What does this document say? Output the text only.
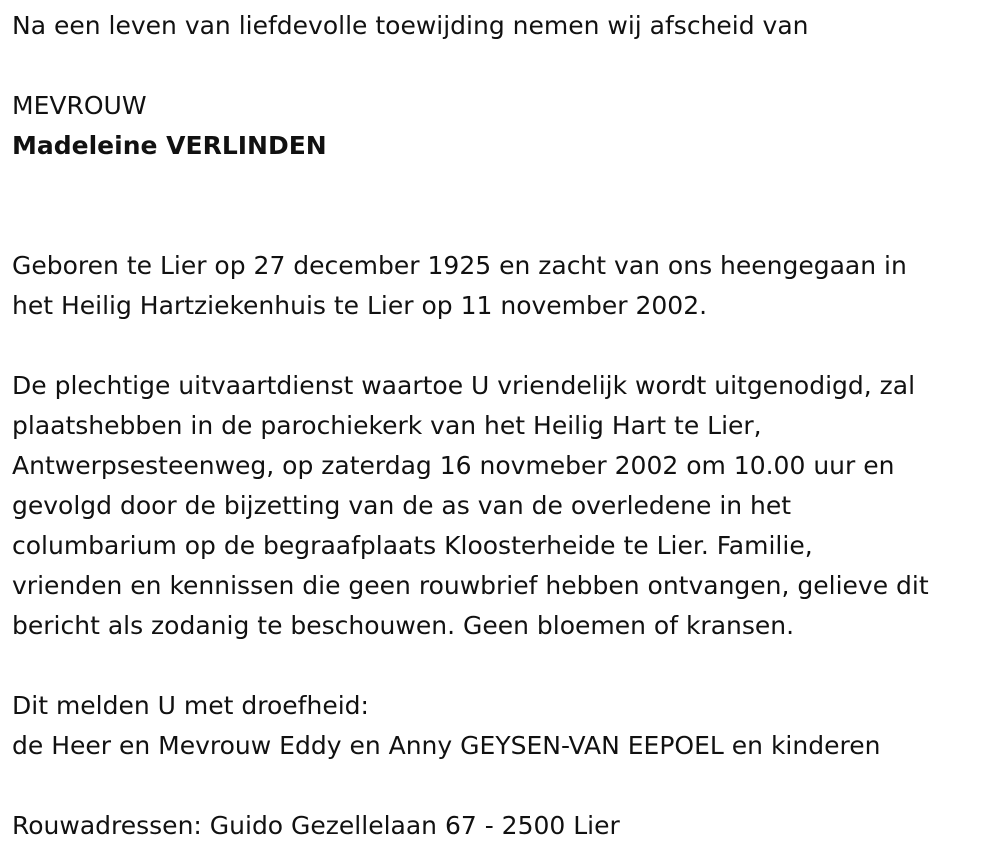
Na een leven van liefdevolle toewijding nemen wij afscheid van

MEVROUW
Madeleine VERLINDEN

Geboren te Lier op 27 december 1925 en zacht van ons heengegaan in
het Heilig Hartziekenhuis te Lier op 11 november 2002.

De plechtige uitvaartdienst waartoe U vriendelijk wordt uitgenodigd, zal
plaatshebben in de parochiekerk van het Heilig Hart te Lier,
Antwerpsesteenweg, op zaterdag 16 novmeber 2002 om 10.00 uur en
gevolgd door de bijzetting van de as van de overledene in het
columbarium op de begraafplaats Kloosterheide te Lier. Familie,
vrienden en kennissen die geen rouwbrief hebben ontvangen, gelieve dit
bericht als zodanig te beschouwen. Geen bloemen of kransen.

Dit melden U met droefheid:
de Heer en Mevrouw Eddy en Anny GEYSEN-VAN EEPOEL en kinderen

Rouwadressen: Guido Gezellelaan 67 - 2500 Lier
